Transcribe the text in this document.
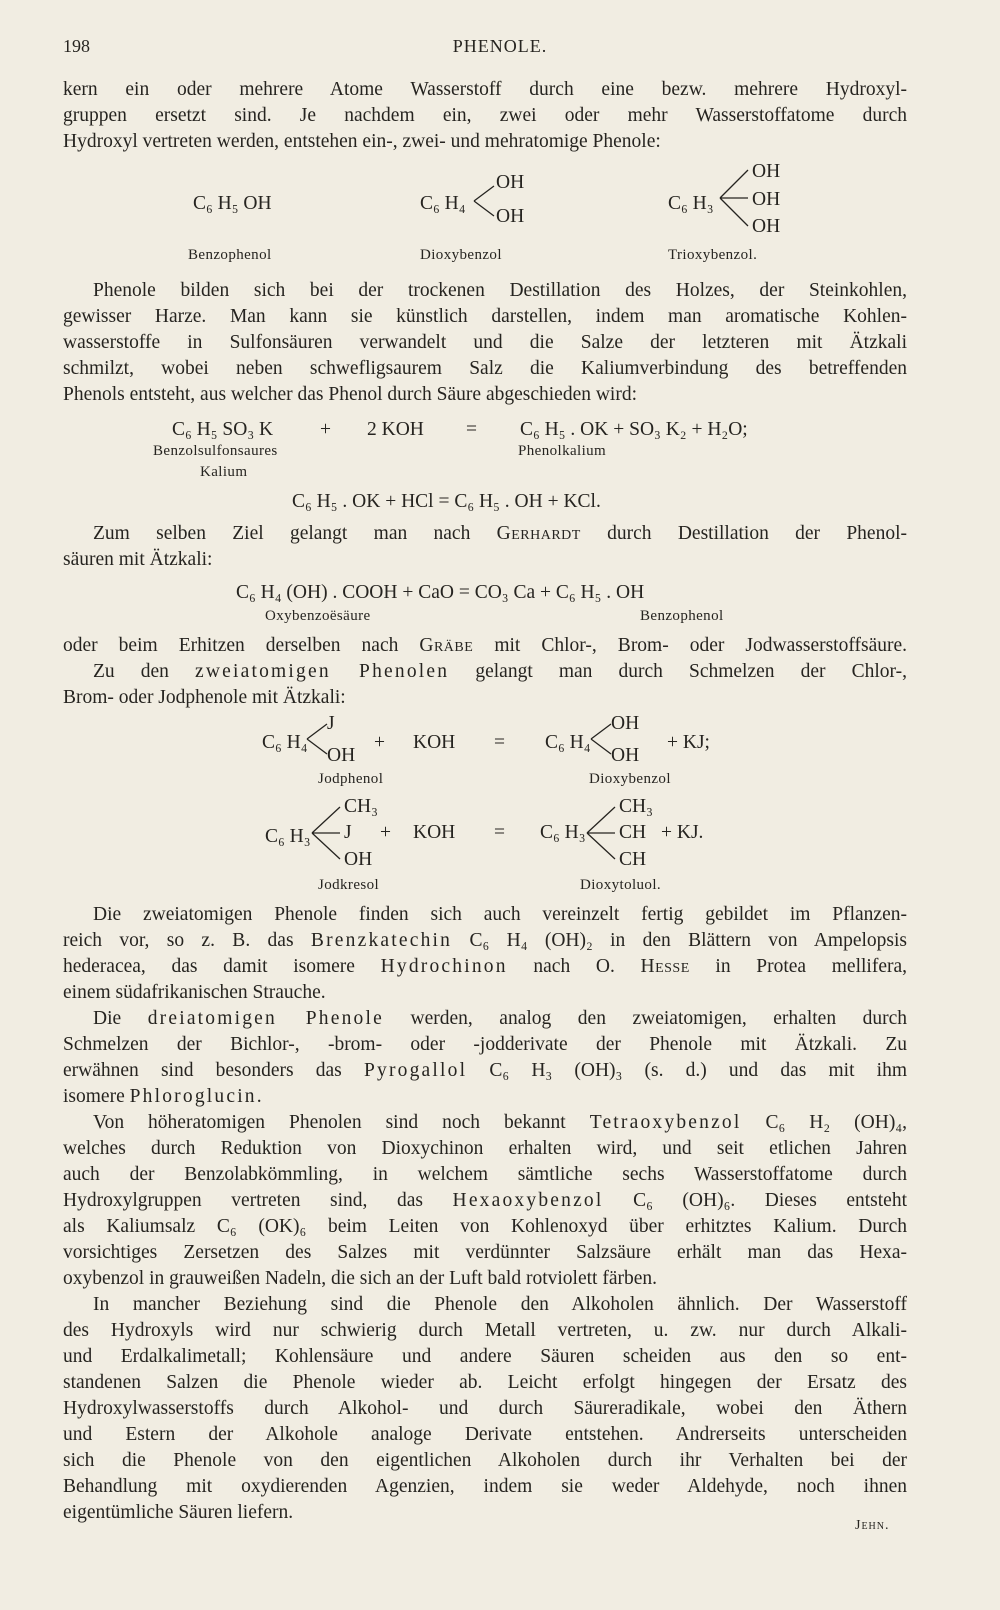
198	PHENOLE.
kern ein oder mehrere Atome Wasserstoff durch eine bezw. mehrere Hydroxyl-
gruppen ersetzt sind. Je nachdem ein, zwei oder mehr Wasserstoffatome durch
Hydroxyl vertreten werden, entstehen ein-, zwei- und mehratomige Phenole:
C₆ H₅ OH	C₆ H₄
OH
OH
C₆ H₃
OH
OH
OH
Benzophenol	Dioxybenzol	Trioxybenzol.
Phenole bilden sich bei der trockenen Destillation des Holzes, der Steinkohlen,
gewisser Harze. Man kann sie künstlich darstellen, indem man aromatische Kohlen-
wasserstoffe in Sulfonsäuren verwandelt und die Salze der letzteren mit Ätzkali
schmilzt, wobei neben schwefligsaurem Salz die Kaliumverbindung des betreffenden
Phenols entsteht, aus welcher das Phenol durch Säure abgeschieden wird:
C₆ H₅ SO₃ K + 2 KOH = C₆ H₅ . OK + SO₃ K₂ + H₂O;
Benzolsulfonsaures
Kalium
Phenolkalium
C₆ H₅ . OK + HCl = C₆ H₅ . OH + KCl.
Zum selben Ziel gelangt man nach Gerhardt durch Destillation der Phenol-
säuren mit Ätzkali:
C₆ H₄ (OH) . COOH + CaO = CO₃ Ca + C₆ H₅ . OH
Oxybenzoësäure	Benzophenol
oder beim Erhitzen derselben nach Gräbe mit Chlor-, Brom- oder Jodwasserstoffsäure.
Zu den zweiatomigen Phenolen gelangt man durch Schmelzen der Chlor-,
Brom- oder Jodphenole mit Ätzkali:
C₆ H₄
J
OH
+ KOH = C₆ H₄
OH
OH
+ KJ;
Jodphenol	Dioxybenzol
C₆ H₃
CH₃
J
OH
+ KOH = C₆ H₃
CH₃
CH
CH
+ KJ.
Jodkresol	Dioxytoluol.
Die zweiatomigen Phenole finden sich auch vereinzelt fertig gebildet im Pflanzen-
reich vor, so z. B. das Brenzkatechin C₆ H₄ (OH)₂ in den Blättern von Ampelopsis
hederacea, das damit isomere Hydrochinon nach O. Hesse in Protea mellifera,
einem südafrikanischen Strauche.
Die dreiatomigen Phenole werden, analog den zweiatomigen, erhalten durch
Schmelzen der Bichlor-, -brom- oder -jodderivate der Phenole mit Ätzkali. Zu
erwähnen sind besonders das Pyrogallol C₆ H₃ (OH)₃ (s. d.) und das mit ihm
isomere Phloroglucin.
Von höheratomigen Phenolen sind noch bekannt Tetraoxybenzol C₆ H₂ (OH)₄,
welches durch Reduktion von Dioxychinon erhalten wird, und seit etlichen Jahren
auch der Benzolabkömmling, in welchem sämtliche sechs Wasserstoffatome durch
Hydroxylgruppen vertreten sind, das Hexaoxybenzol C₆ (OH)₆. Dieses entsteht
als Kaliumsalz C₆ (OK)₆ beim Leiten von Kohlenoxyd über erhitztes Kalium. Durch
vorsichtiges Zersetzen des Salzes mit verdünnter Salzsäure erhält man das Hexa-
oxybenzol in grauweißen Nadeln, die sich an der Luft bald rotviolett färben.
In mancher Beziehung sind die Phenole den Alkoholen ähnlich. Der Wasserstoff
des Hydroxyls wird nur schwierig durch Metall vertreten, u. zw. nur durch Alkali-
und Erdalkalimetall; Kohlensäure und andere Säuren scheiden aus den so ent-
standenen Salzen die Phenole wieder ab. Leicht erfolgt hingegen der Ersatz des
Hydroxylwasserstoffs durch Alkohol- und durch Säureradikale, wobei den Äthern
und Estern der Alkohole analoge Derivate entstehen. Andrerseits unterscheiden
sich die Phenole von den eigentlichen Alkoholen durch ihr Verhalten bei der
Behandlung mit oxydierenden Agenzien, indem sie weder Aldehyde, noch ihnen
eigentümliche Säuren liefern.
Jehn.
